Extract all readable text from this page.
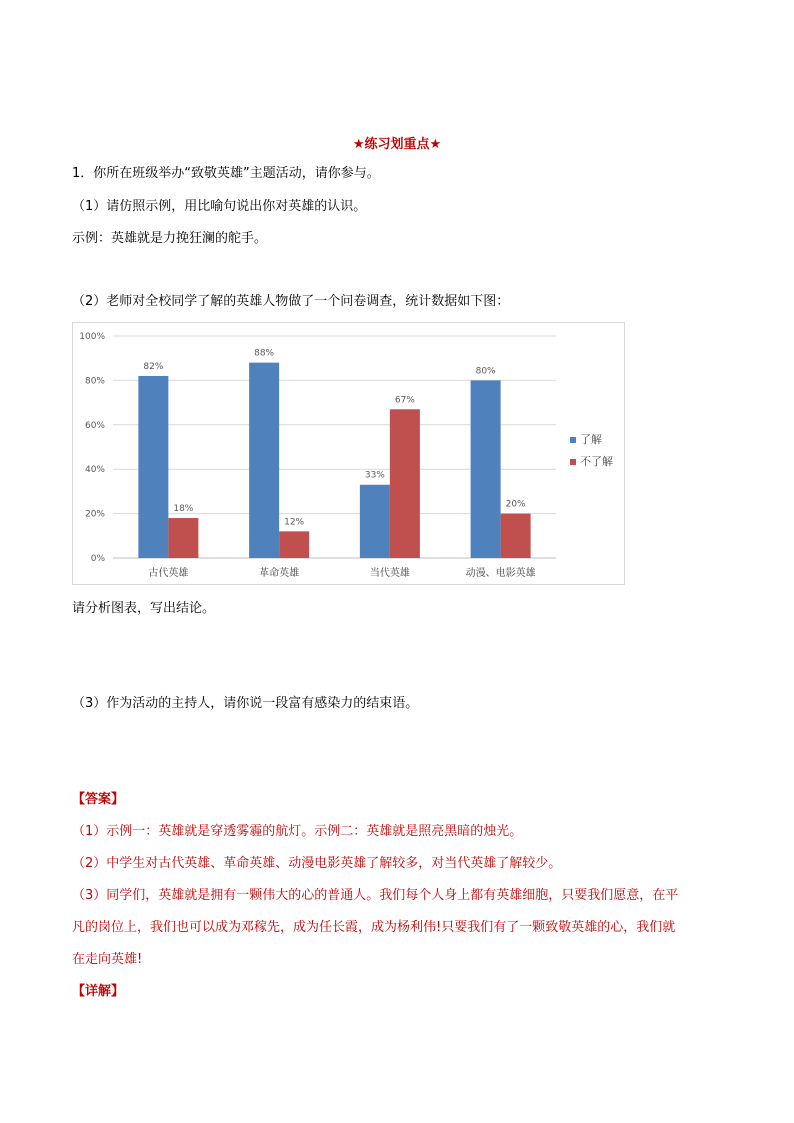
★练习划重点★
1．你所在班级举办“致敬英雄”主题活动，请你参与。
（1）请仿照示例，用比喻句说出你对英雄的认识。
示例：英雄就是力挽狂澜的舵手。
（2）老师对全校同学了解的英雄人物做了一个问卷调查，统计数据如下图：
0%
20%
40%
60%
80%
100%
82%
18%
古代英雄
88%
12%
革命英雄
33%
67%
当代英雄
80%
20%
动漫、电影英雄
了解
不了解
请分析图表，写出结论。
（3）作为活动的主持人，请你说一段富有感染力的结束语。
【答案】
（1）示例一：英雄就是穿透雾霾的航灯。示例二：英雄就是照亮黑暗的烛光。
（2）中学生对古代英雄、革命英雄、动漫电影英雄了解较多，对当代英雄了解较少。
（3）同学们，英雄就是拥有一颗伟大的心的普通人。我们每个人身上都有英雄细胞，只要我们愿意，在平
凡的岗位上，我们也可以成为邓稼先，成为任长霞，成为杨利伟!只要我们有了一颗致敬英雄的心，我们就
在走向英雄!
【详解】
